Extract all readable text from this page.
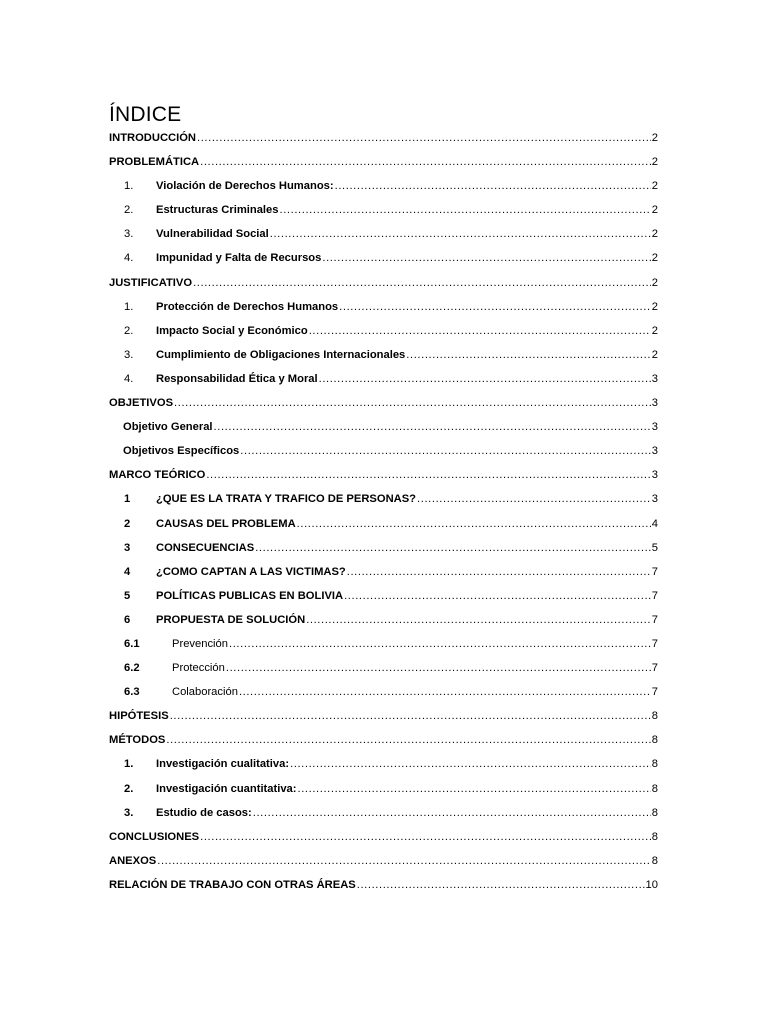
ÍNDICE
INTRODUCCIÓN .....	2
PROBLEMÁTICA .....	2
1.	Violación de Derechos Humanos: .....	2
2.	Estructuras Criminales .....	2
3.	Vulnerabilidad Social .....	2
4.	Impunidad y Falta de Recursos .....	2
JUSTIFICATIVO .....	2
1.	Protección de Derechos Humanos .....	2
2.	Impacto Social y Económico .....	2
3.	Cumplimiento de Obligaciones Internacionales .....	2
4.	Responsabilidad Ética y Moral .....	3
OBJETIVOS .....	3
Objetivo General .....	3
Objetivos Específicos .....	3
MARCO TEÓRICO .....	3
1	¿QUE ES LA TRATA Y TRAFICO DE PERSONAS? .....	3
2	CAUSAS DEL PROBLEMA .....	4
3	CONSECUENCIAS .....	5
4	¿COMO CAPTAN A LAS VICTIMAS? .....	7
5	POLÍTICAS PUBLICAS EN BOLIVIA .....	7
6	PROPUESTA DE SOLUCIÓN .....	7
6.1	Prevención .....	7
6.2	Protección .....	7
6.3	Colaboración .....	7
HIPÓTESIS .....	8
MÉTODOS .....	8
1.	Investigación cualitativa: .....	8
2.	Investigación cuantitativa: .....	8
3.	Estudio de casos: .....	8
CONCLUSIONES .....	8
ANEXOS .....	8
RELACIÓN DE TRABAJO CON OTRAS ÁREAS .....	10
